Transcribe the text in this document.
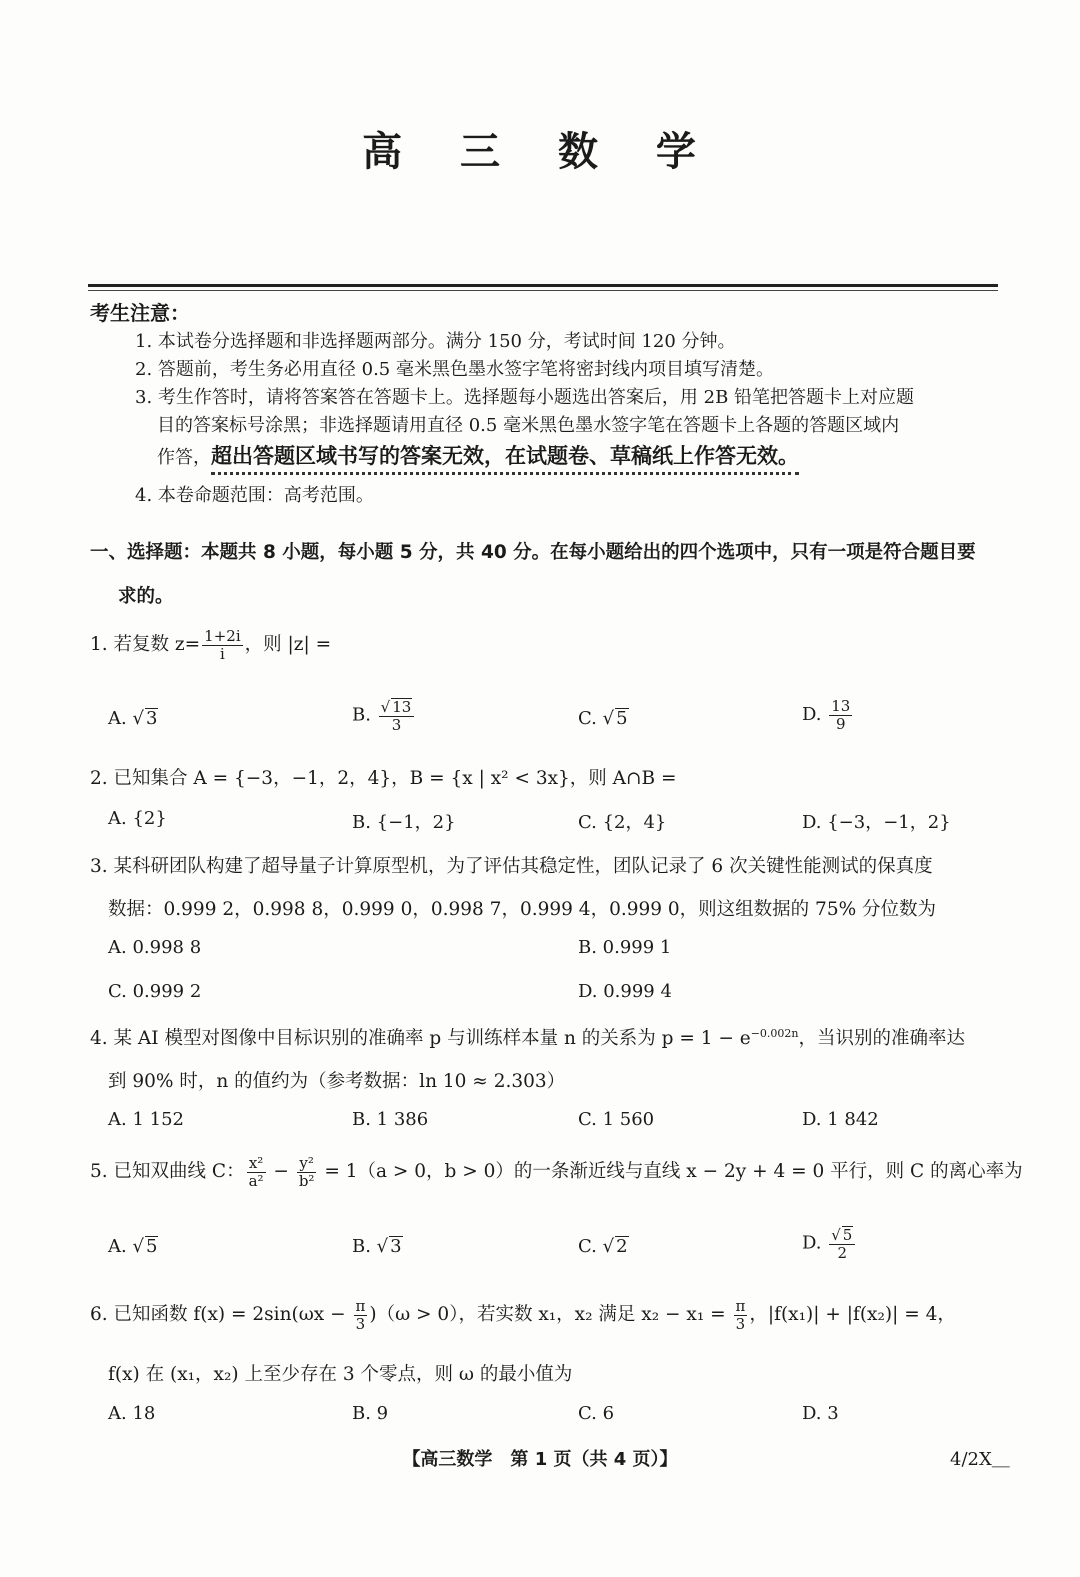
高 三 数 学
考生注意：
1. 本试卷分选择题和非选择题两部分。满分 150 分，考试时间 120 分钟。
2. 答题前，考生务必用直径 0.5 毫米黑色墨水签字笔将密封线内项目填写清楚。
3. 考生作答时，请将答案答在答题卡上。选择题每小题选出答案后，用 2B 铅笔把答题卡上对应题
目的答案标号涂黑；非选择题请用直径 0.5 毫米黑色墨水签字笔在答题卡上各题的答题区域内
作答，超出答题区域书写的答案无效，在试题卷、草稿纸上作答无效。
4. 本卷命题范围：高考范围。
一、选择题：本题共 8 小题，每小题 5 分，共 40 分。在每小题给出的四个选项中，只有一项是符合题目要
求的。
1. 若复数 $z= \frac{1+2i}{i}$ ，则 |z| =
A. √ 3	B. $\frac{√ 13}{3}$	C. √ 5	D. $\frac{13}{9}$
2. 已知集合 A = {−3，−1，2，4}，B = {x | x² < 3x}，则 A∩B =
A. {2}	B. {−1，2}	C. {2，4}	D. {−3，−1，2}
3. 某科研团队构建了超导量子计算原型机，为了评估其稳定性，团队记录了 6 次关键性能测试的保真度
数据：0.999 2，0.998 8，0.999 0，0.998 7，0.999 4，0.999 0，则这组数据的 75% 分位数为
A. 0.998 8	B. 0.999 1
C. 0.999 2	D. 0.999 4
4. 某 AI 模型对图像中目标识别的准确率 p 与训练样本量 n 的关系为 $p = 1 - e^{-0.002n}$，当识别的准确率达
到 90% 时，n 的值约为（参考数据：ln 10 ≈ 2.303）
A. 1 152	B. 1 386	C. 1 560	D. 1 842
5. 已知双曲线 C： $\frac{\text{x²}}{\text{a²}} - \frac{\text{y²}}{\text{b²}} = 1(a > 0$，b > 0）的一条渐近线与直线 x − 2y + 4 = 0 平行，则 C 的离心率为
A. √ 5	B. √ 3	C. √ 2	D. $\frac{√ 5}{2}$
6. 已知函数 $f(x) = 2\sin(\omega x - \frac{\pi}{3} )(\omega > 0)$，若实数 x₁，x₂ 满足 $x_2 - x_1 = \frac{\pi}{3}$ ，|f(x₁)| + |f(x₂)| = 4，
f(x) 在 (x₁，x₂) 上至少存在 3 个零点，则 ω 的最小值为
A. 18	B. 9	C. 6	D. 3
【高三数学　第 1 页（共 4 页）】	4/2X＿
